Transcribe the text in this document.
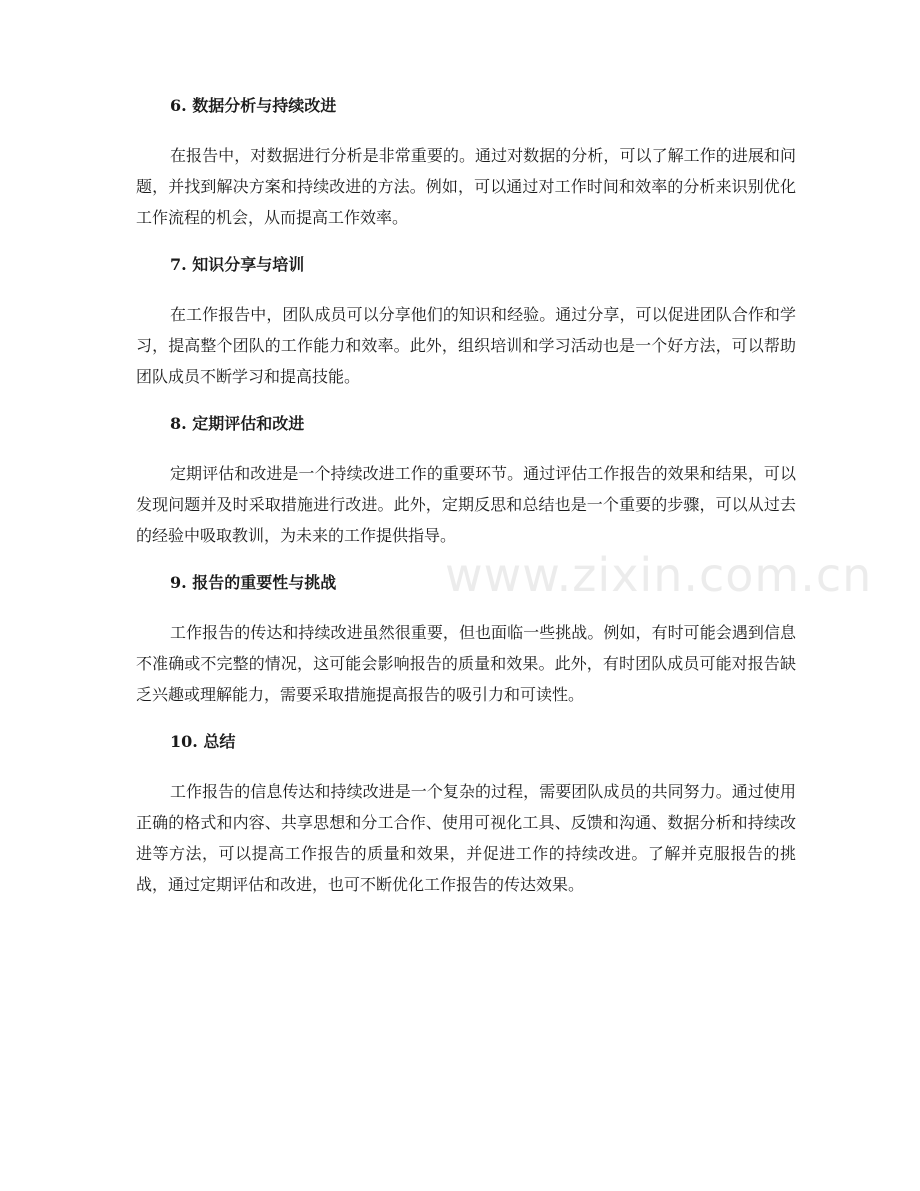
6. 数据分析与持续改进

在报告中，对数据进行分析是非常重要的。通过对数据的分析，可以了解工作的进展和问题，并找到解决方案和持续改进的方法。例如，可以通过对工作时间和效率的分析来识别优化工作流程的机会，从而提高工作效率。

7. 知识分享与培训

在工作报告中，团队成员可以分享他们的知识和经验。通过分享，可以促进团队合作和学习，提高整个团队的工作能力和效率。此外，组织培训和学习活动也是一个好方法，可以帮助团队成员不断学习和提高技能。

8. 定期评估和改进

定期评估和改进是一个持续改进工作的重要环节。通过评估工作报告的效果和结果，可以发现问题并及时采取措施进行改进。此外，定期反思和总结也是一个重要的步骤，可以从过去的经验中吸取教训，为未来的工作提供指导。

9. 报告的重要性与挑战

工作报告的传达和持续改进虽然很重要，但也面临一些挑战。例如，有时可能会遇到信息不准确或不完整的情况，这可能会影响报告的质量和效果。此外，有时团队成员可能对报告缺乏兴趣或理解能力，需要采取措施提高报告的吸引力和可读性。

10. 总结

工作报告的信息传达和持续改进是一个复杂的过程，需要团队成员的共同努力。通过使用正确的格式和内容、共享思想和分工合作、使用可视化工具、反馈和沟通、数据分析和持续改进等方法，可以提高工作报告的质量和效果，并促进工作的持续改进。了解并克服报告的挑战，通过定期评估和改进，也可不断优化工作报告的传达效果。

www.zixin.com.cn
